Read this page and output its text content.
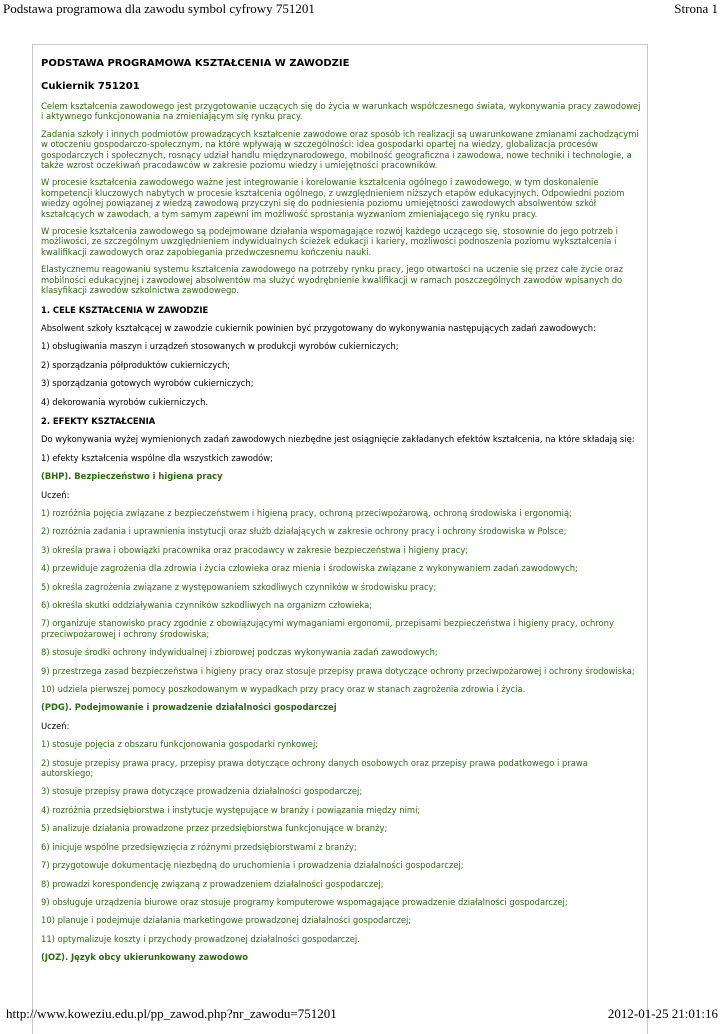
Podstawa programowa dla zawodu symbol cyfrowy 751201	Strona 1

PODSTAWA PROGRAMOWA KSZTAŁCENIA W ZAWODZIE

Cukiernik 751201

Celem kształcenia zawodowego jest przygotowanie uczących się do życia w warunkach współczesnego świata, wykonywania pracy zawodowej i aktywnego funkcjonowania na zmieniającym się rynku pracy.

Zadania szkoły i innych podmiotów prowadzących kształcenie zawodowe oraz sposób ich realizacji są uwarunkowane zmianami zachodzącymi w otoczeniu gospodarczo-społecznym, na które wpływają w szczególności: idea gospodarki opartej na wiedzy, globalizacja procesów gospodarczych i społecznych, rosnący udział handlu międzynarodowego, mobilność geograficzna i zawodowa, nowe techniki i technologie, a także wzrost oczekiwań pracodawców w zakresie poziomu wiedzy i umiejętności pracowników.

W procesie kształcenia zawodowego ważne jest integrowanie i korelowanie kształcenia ogólnego i zawodowego, w tym doskonalenie kompetencji kluczowych nabytych w procesie kształcenia ogólnego, z uwzględnieniem niższych etapów edukacyjnych. Odpowiedni poziom wiedzy ogólnej powiązanej z wiedzą zawodową przyczyni się do podniesienia poziomu umiejętności zawodowych absolwentów szkół kształcących w zawodach, a tym samym zapewni im możliwość sprostania wyzwaniom zmieniającego się rynku pracy.

W procesie kształcenia zawodowego są podejmowane działania wspomagające rozwój każdego uczącego się, stosownie do jego potrzeb i możliwości, ze szczególnym uwzględnieniem indywidualnych ścieżek edukacji i kariery, możliwości podnoszenia poziomu wykształcenia i kwalifikacji zawodowych oraz zapobiegania przedwczesnemu kończeniu nauki.

Elastycznemu reagowaniu systemu kształcenia zawodowego na potrzeby rynku pracy, jego otwartości na uczenie się przez całe życie oraz mobilności edukacyjnej i zawodowej absolwentów ma służyć wyodrębnienie kwalifikacji w ramach poszczególnych zawodów wpisanych do klasyfikacji zawodów szkolnictwa zawodowego.

1. CELE KSZTAŁCENIA W ZAWODZIE

Absolwent szkoły kształcącej w zawodzie cukiernik powinien być przygotowany do wykonywania następujących zadań zawodowych:

1) obsługiwania maszyn i urządzeń stosowanych w produkcji wyrobów cukierniczych;
2) sporządzania półproduktów cukierniczych;
3) sporządzania gotowych wyrobów cukierniczych;
4) dekorowania wyrobów cukierniczych.

2. EFEKTY KSZTAŁCENIA

Do wykonywania wyżej wymienionych zadań zawodowych niezbędne jest osiągnięcie zakładanych efektów kształcenia, na które składają się:

1) efekty kształcenia wspólne dla wszystkich zawodów;

(BHP). Bezpieczeństwo i higiena pracy

Uczeń:

1) rozróżnia pojęcia związane z bezpieczeństwem i higieną pracy, ochroną przeciwpożarową, ochroną środowiska i ergonomią;
2) rozróżnia zadania i uprawnienia instytucji oraz służb działających w zakresie ochrony pracy i ochrony środowiska w Polsce;
3) określa prawa i obowiązki pracownika oraz pracodawcy w zakresie bezpieczeństwa i higieny pracy;
4) przewiduje zagrożenia dla zdrowia i życia człowieka oraz mienia i środowiska związane z wykonywaniem zadań zawodowych;
5) określa zagrożenia związane z występowaniem szkodliwych czynników w środowisku pracy;
6) określa skutki oddziaływania czynników szkodliwych na organizm człowieka;
7) organizuje stanowisko pracy zgodnie z obowiązującymi wymaganiami ergonomii, przepisami bezpieczeństwa i higieny pracy, ochrony przeciwpożarowej i ochrony środowiska;
8) stosuje środki ochrony indywidualnej i zbiorowej podczas wykonywania zadań zawodowych;
9) przestrzega zasad bezpieczeństwa i higieny pracy oraz stosuje przepisy prawa dotyczące ochrony przeciwpożarowej i ochrony środowiska;
10) udziela pierwszej pomocy poszkodowanym w wypadkach przy pracy oraz w stanach zagrożenia zdrowia i życia.

(PDG). Podejmowanie i prowadzenie działalności gospodarczej

Uczeń:

1) stosuje pojęcia z obszaru funkcjonowania gospodarki rynkowej;
2) stosuje przepisy prawa pracy, przepisy prawa dotyczące ochrony danych osobowych oraz przepisy prawa podatkowego i prawa autorskiego;
3) stosuje przepisy prawa dotyczące prowadzenia działalności gospodarczej;
4) rozróżnia przedsiębiorstwa i instytucje występujące w branży i powiązania między nimi;
5) analizuje działania prowadzone przez przedsiębiorstwa funkcjonujące w branży;
6) inicjuje wspólne przedsięwzięcia z różnymi przedsiębiorstwami z branży;
7) przygotowuje dokumentację niezbędną do uruchomienia i prowadzenia działalności gospodarczej;
8) prowadzi korespondencję związaną z prowadzeniem działalności gospodarczej;
9) obsługuje urządzenia biurowe oraz stosuje programy komputerowe wspomagające prowadzenie działalności gospodarczej;
10) planuje i podejmuje działania marketingowe prowadzonej działalności gospodarczej;
11) optymalizuje koszty i przychody prowadzonej działalności gospodarczej.

(JOZ). Język obcy ukierunkowany zawodowo

http://www.koweziu.edu.pl/pp_zawod.php?nr_zawodu=751201	2012-01-25 21:01:16
